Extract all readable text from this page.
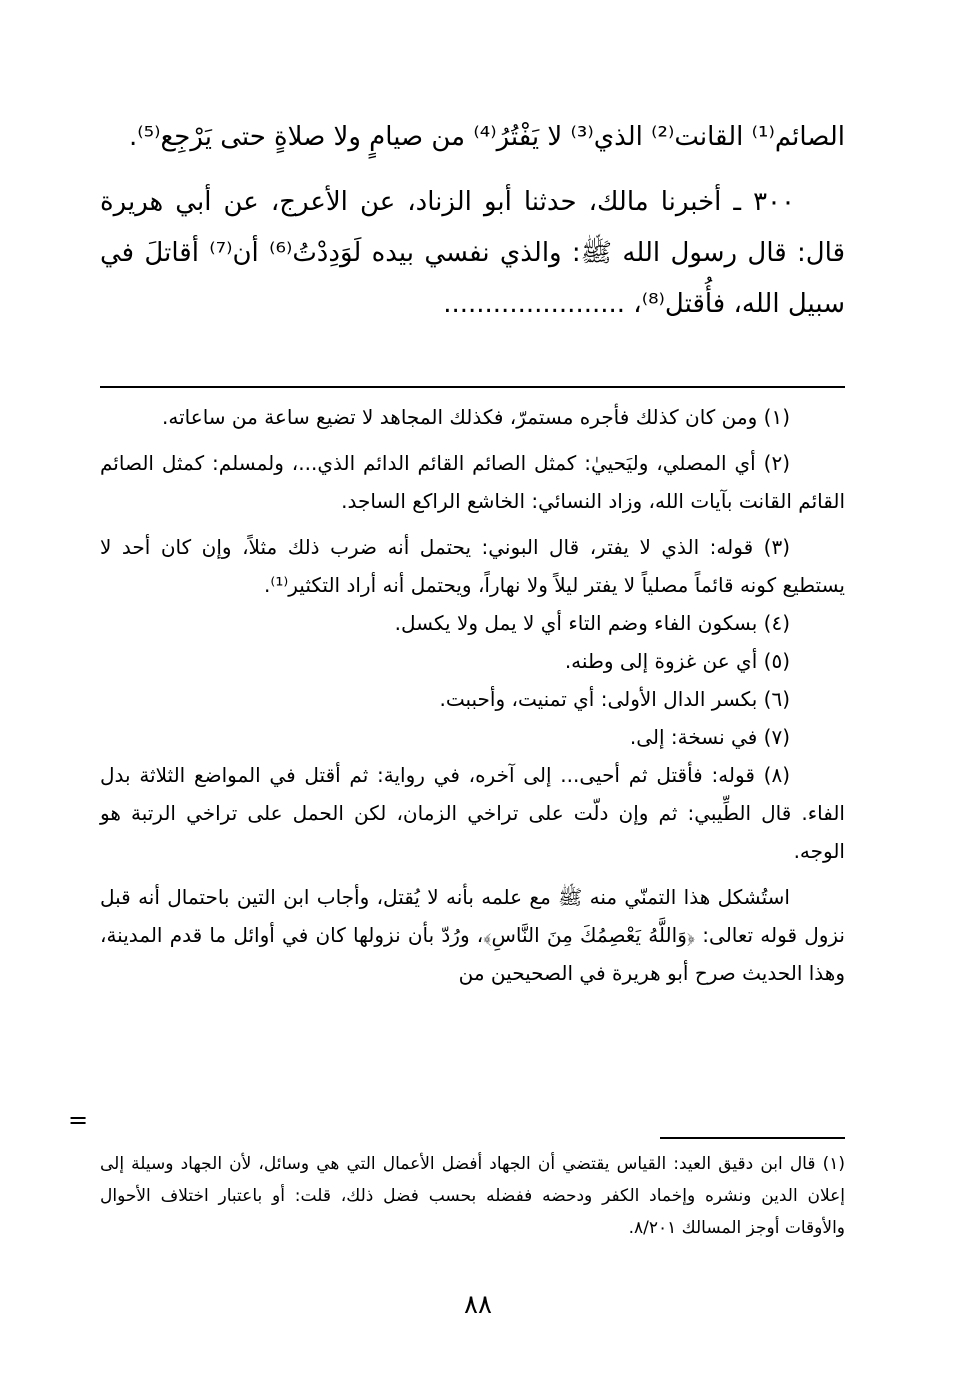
الصائم⁽¹⁾ القانت⁽²⁾ الذي⁽³⁾ لا يَفْتُرُ⁽⁴⁾ من صيامٍ ولا صلاةٍ حتى يَرْجِع⁽⁵⁾.

٣٠٠ ـ أخبرنا مالك، حدثنا أبو الزناد، عن الأعرج، عن أبي هريرة قال: قال رسول الله ﷺ: والذي نفسي بيده لَوَدِدْتُ⁽⁶⁾ أن⁽⁷⁾ أقاتلَ في سبيل الله، فأُقتل⁽⁸⁾، ......................

(١) ومن كان كذلك فأجره مستمرّ، فكذلك المجاهد لا تضيع ساعة من ساعاته.

(٢) أي المصلي، وليَحييٰ: كمثل الصائم القائم الدائم الذي...، ولمسلم: كمثل الصائم القائم القانت بآيات الله، وزاد النسائي: الخاشع الراكع الساجد.

(٣) قوله: الذي لا يفتر، قال البوني: يحتمل أنه ضرب ذلك مثلاً، وإن كان أحد لا يستطيع كونه قائماً مصلياً لا يفتر ليلاً ولا نهاراً، ويحتمل أنه أراد التكثير⁽¹⁾.

(٤) بسكون الفاء وضم التاء أي لا يمل ولا يكسل.

(٥) أي عن غزوة إلى وطنه.

(٦) بكسر الدال الأولى: أي تمنيت، وأحببت.

(٧) في نسخة: إلى.

(٨) قوله: فأقتل ثم أحيى... إلى آخره، في رواية: ثم أقتل في المواضع الثلاثة بدل الفاء. قال الطِّيبي: ثم وإن دلّت على تراخي الزمان، لكن الحمل على تراخي الرتبة هو الوجه.

استُشكل هذا التمنّي منه ﷺ مع علمه بأنه لا يُقتل، وأجاب ابن التين باحتمال أنه قبل نزول قوله تعالى: ﴿وَاللَّهُ يَعْصِمُكَ مِنَ النَّاسِ﴾، ورُدّ بأن نزولها كان في أوائل ما قدم المدينة، وهذا الحديث صرح أبو هريرة في الصحيحين من

=

(١) قال ابن دقيق العيد: القياس يقتضي أن الجهاد أفضل الأعمال التي هي وسائل، لأن الجهاد وسيلة إلى إعلان الدين ونشره وإخماد الكفر ودحضه ففضله بحسب فضل ذلك، قلت: أو باعتبار اختلاف الأحوال والأوقات أوجز المسالك ٨/٢٠١.

٨٨
